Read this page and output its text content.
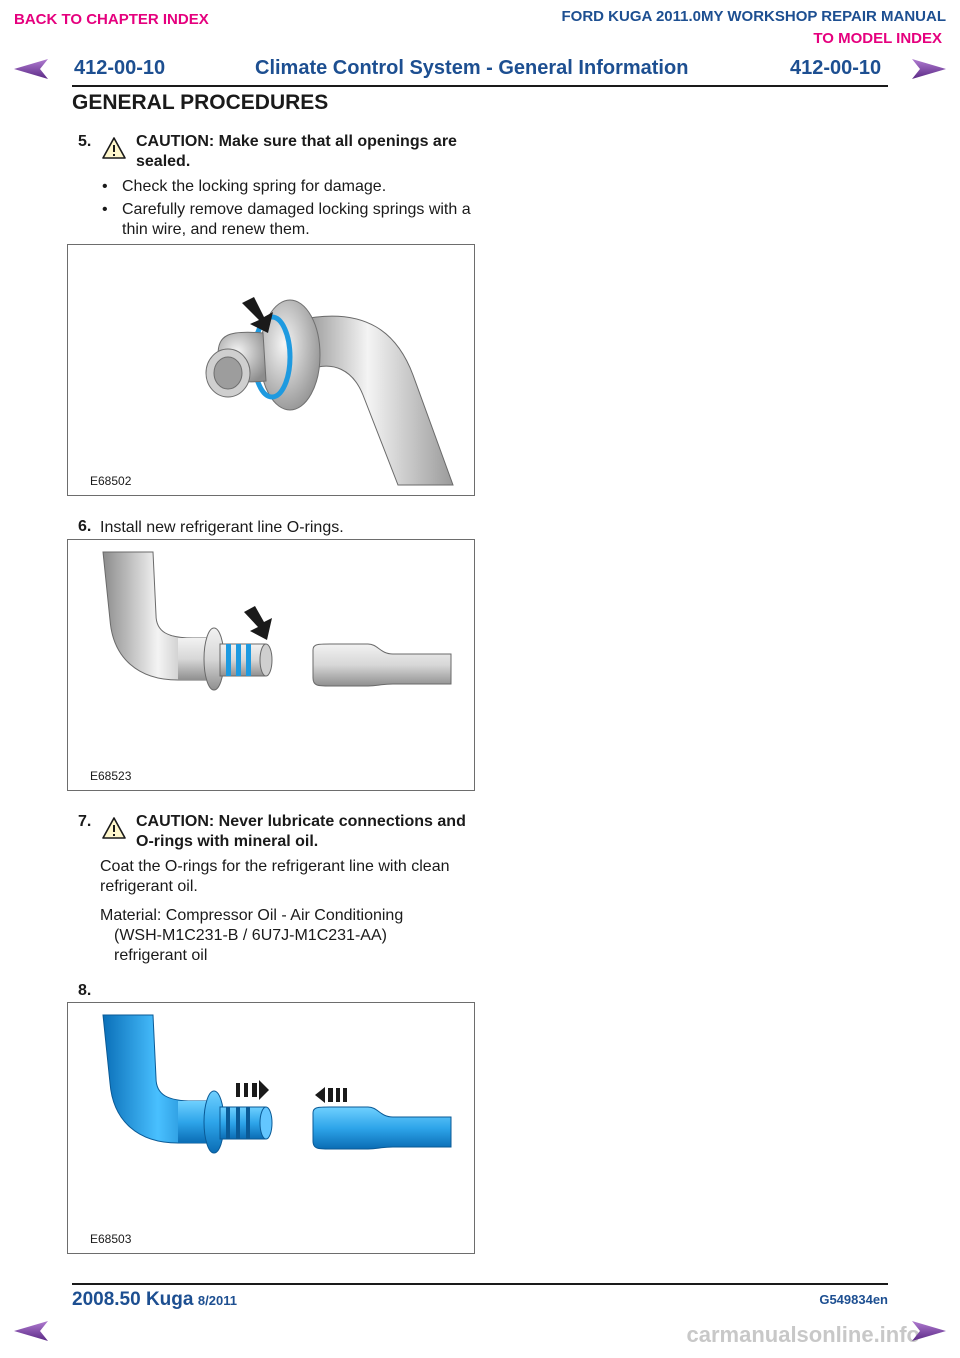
BACK TO CHAPTER INDEX	FORD KUGA 2011.0MY WORKSHOP REPAIR MANUAL
TO MODEL INDEX
412-00-10	Climate Control System - General Information	412-00-10
GENERAL PROCEDURES
5.	CAUTION: Make sure that all openings are sealed.
• Check the locking spring for damage.
• Carefully remove damaged locking springs with a thin wire, and renew them.
E68502
6. Install new refrigerant line O-rings.
E68523
7.	CAUTION: Never lubricate connections and O-rings with mineral oil.
Coat the O-rings for the refrigerant line with clean refrigerant oil.
Material: Compressor Oil - Air Conditioning
(WSH-M1C231-B / 6U7J-M1C231-AA)
refrigerant oil
8.
E68503
2008.50 Kuga 8/2011	G549834en
carmanualsonline.info
